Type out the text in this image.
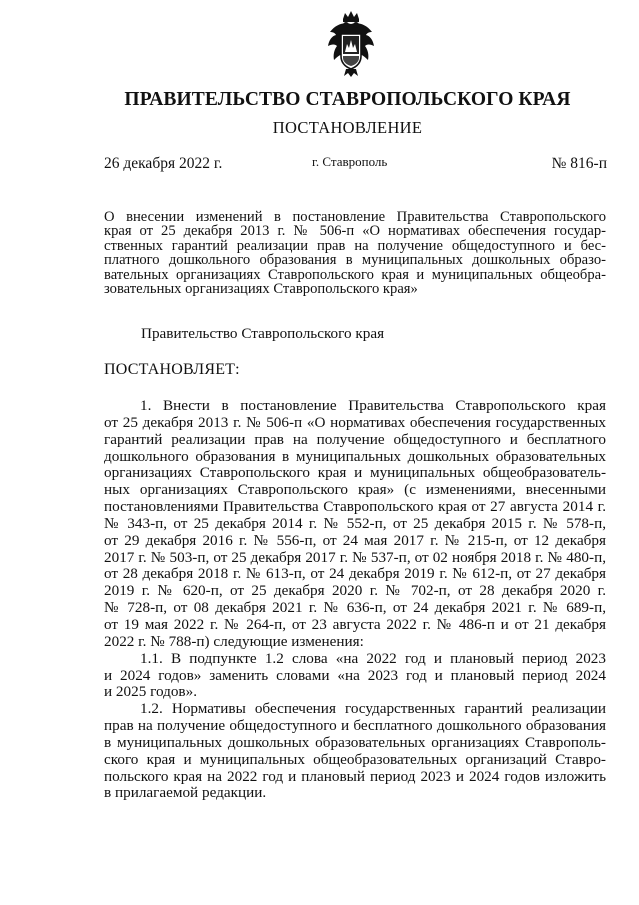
ПРАВИТЕЛЬСТВО СТАВРОПОЛЬСКОГО КРАЯ
ПОСТАНОВЛЕНИЕ
26 декабря 2022 г.	г. Ставрополь	№ 816-п
О внесении изменений в постановление Правительства Ставропольского
края от 25 декабря 2013 г. № 506-п «О нормативах обеспечения государ-
ственных гарантий реализации прав на получение общедоступного и бес-
платного дошкольного образования в муниципальных дошкольных образо-
вательных организациях Ставропольского края и муниципальных общеобра-
зовательных организациях Ставропольского края»
Правительство Ставропольского края
ПОСТАНОВЛЯЕТ:
1. Внести в постановление Правительства Ставропольского края
от 25 декабря 2013 г. № 506-п «О нормативах обеспечения государственных
гарантий реализации прав на получение общедоступного и бесплатного
дошкольного образования в муниципальных дошкольных образовательных
организациях Ставропольского края и муниципальных общеобразователь-
ных организациях Ставропольского края» (с изменениями, внесенными
постановлениями Правительства Ставропольского края от 27 августа 2014 г.
№ 343-п, от 25 декабря 2014 г. № 552-п, от 25 декабря 2015 г. № 578-п,
от 29 декабря 2016 г. № 556-п, от 24 мая 2017 г. № 215-п, от 12 декабря
2017 г. № 503-п, от 25 декабря 2017 г. № 537-п, от 02 ноября 2018 г. № 480-п,
от 28 декабря 2018 г. № 613-п, от 24 декабря 2019 г. № 612-п, от 27 декабря
2019 г. № 620-п, от 25 декабря 2020 г. № 702-п, от 28 декабря 2020 г.
№ 728-п, от 08 декабря 2021 г. № 636-п, от 24 декабря 2021 г. № 689-п,
от 19 мая 2022 г. № 264-п, от 23 августа 2022 г. № 486-п и от 21 декабря
2022 г. № 788-п) следующие изменения:
1.1. В подпункте 1.2 слова «на 2022 год и плановый период 2023
и 2024 годов» заменить словами «на 2023 год и плановый период 2024
и 2025 годов».
1.2. Нормативы обеспечения государственных гарантий реализации
прав на получение общедоступного и бесплатного дошкольного образования
в муниципальных дошкольных образовательных организациях Ставрополь-
ского края и муниципальных общеобразовательных организаций Ставро-
польского края на 2022 год и плановый период 2023 и 2024 годов изложить
в прилагаемой редакции.
